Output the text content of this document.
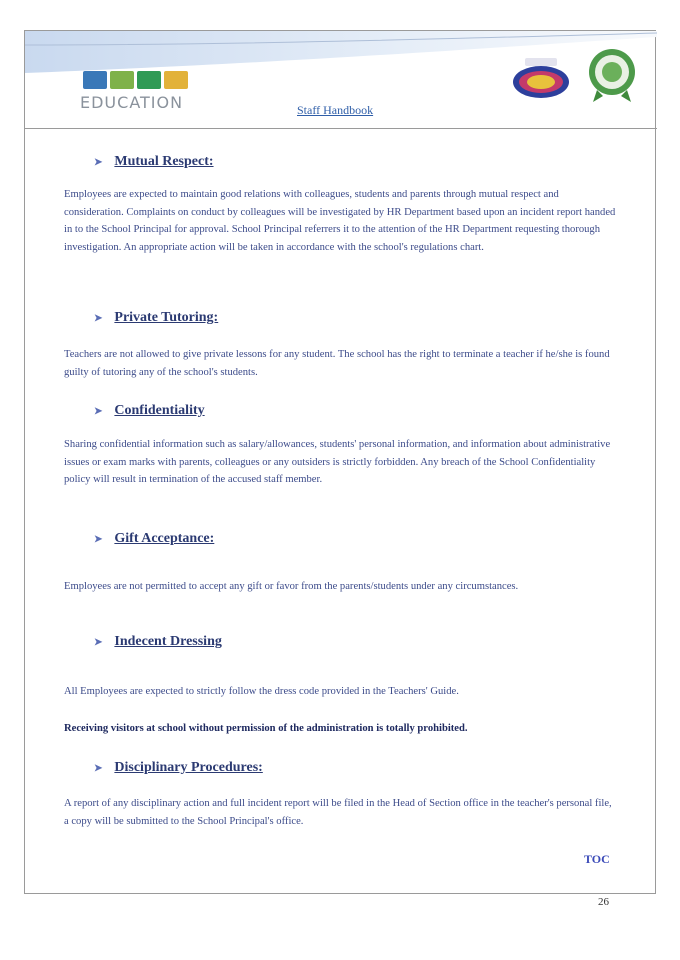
EDUCATION	Staff Handbook
➤ Mutual Respect:
Employees are expected to maintain good relations with colleagues, students and parents through mutual respect and consideration. Complaints on conduct by colleagues will be investigated by HR Department based upon an incident report handed in to the School Principal for approval. School Principal referrers it to the attention of the HR Department requesting thorough investigation. An appropriate action will be taken in accordance with the school's regulations chart.
➤ Private Tutoring:
Teachers are not allowed to give private lessons for any student. The school has the right to terminate a teacher if he/she is found guilty of tutoring any of the school's students.
➤ Confidentiality
Sharing confidential information such as salary/allowances, students' personal information, and information about administrative issues or exam marks with parents, colleagues or any outsiders is strictly forbidden. Any breach of the School Confidentiality policy will result in termination of the accused staff member.
➤ Gift Acceptance:
Employees are not permitted to accept any gift or favor from the parents/students under any circumstances.
➤ Indecent Dressing
All Employees are expected to strictly follow the dress code provided in the Teachers' Guide.
Receiving visitors at school without permission of the administration is totally prohibited.
➤ Disciplinary Procedures:
A report of any disciplinary action and full incident report will be filed in the Head of Section office in the teacher's personal file, a copy will be submitted to the School Principal's office.
TOC
26
